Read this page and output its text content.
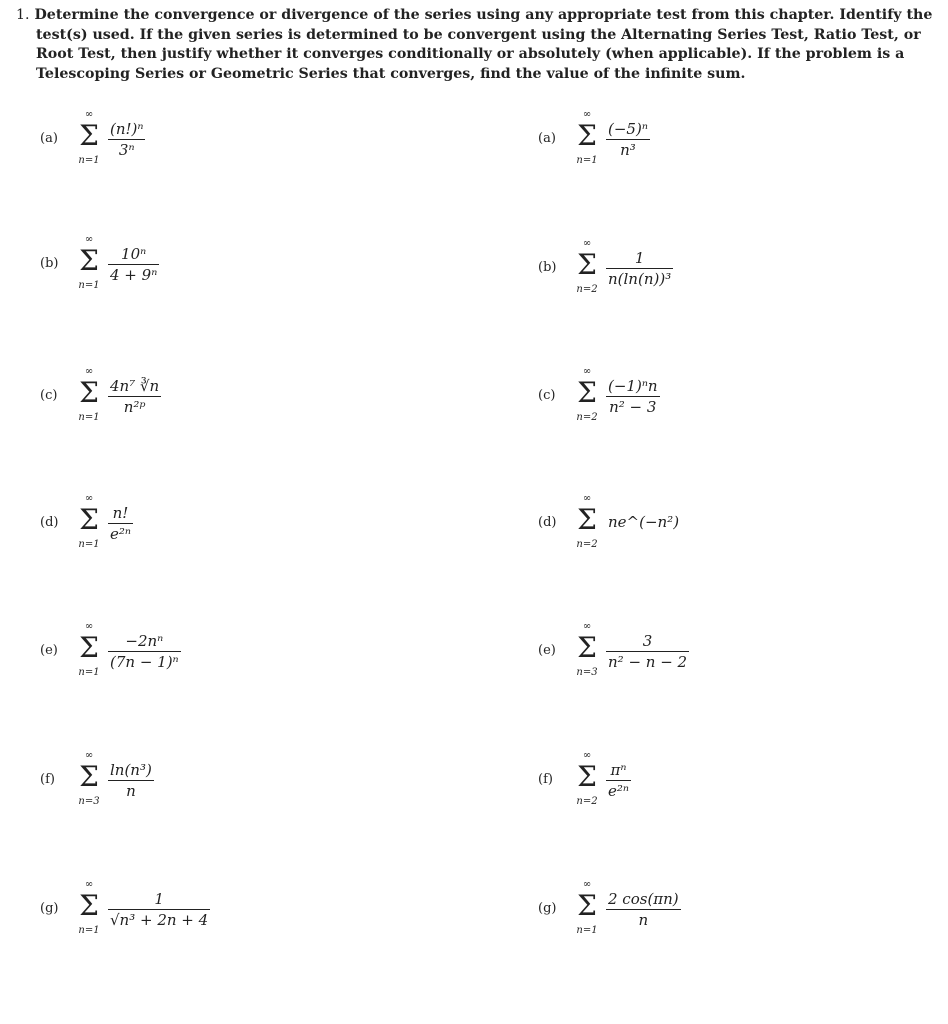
1. Determine the convergence or divergence of the series using any appropriate test from this chapter. Identify the
test(s) used. If the given series is determined to be convergent using the Alternating Series Test, Ratio Test, or
Root Test, then justify whether it converges conditionally or absolutely (when applicable). If the problem is a
Telescoping Series or Geometric Series that converges, find the value of the infinite sum.
(a)
∞
Σ
n=1
$\frac{\text{(n!)ⁿ}}{\text{3ⁿ}}$
(b)
∞
Σ
n=1
$\frac{\text{10ⁿ}}{\text{4 + 9ⁿ}}$
(c)
∞
Σ
n=1
$\frac{\text{4n⁷ ∛n}}{\text{n²ᵖ}}$
(d)
∞
Σ
n=1
$\frac{n!}{\text{e²ⁿ}}$
(e)
∞
Σ
n=1
$\frac{\text{−2nⁿ}}{\text{(7n − 1)ⁿ}}$
(f)
∞
Σ
n=3
$\frac{\text{ln(n³)}}{n}$
(g)
∞
Σ
n=1
$\frac{1}{\text{√n³ + 2n + 4}}$
(a)
∞
Σ
n=1
$\frac{\text{(−5)ⁿ}}{\text{n³}}$
(b)
∞
Σ
n=2
$\frac{1}{\text{n(ln(n))³}}$
(c)
∞
Σ
n=2
$\frac{\text{(−1)ⁿn}}{\text{n² − 3}}$
(d)
∞
Σ
n=2
ne^(−n²)
(e)
∞
Σ
n=3
$\frac{3}{\text{n² − n − 2}}$
(f)
∞
Σ
n=2
$\frac{\text{πⁿ}}{\text{e²ⁿ}}$
(g)
∞
Σ
n=1
$\frac{2 \cos(\pi n)}{n}$
